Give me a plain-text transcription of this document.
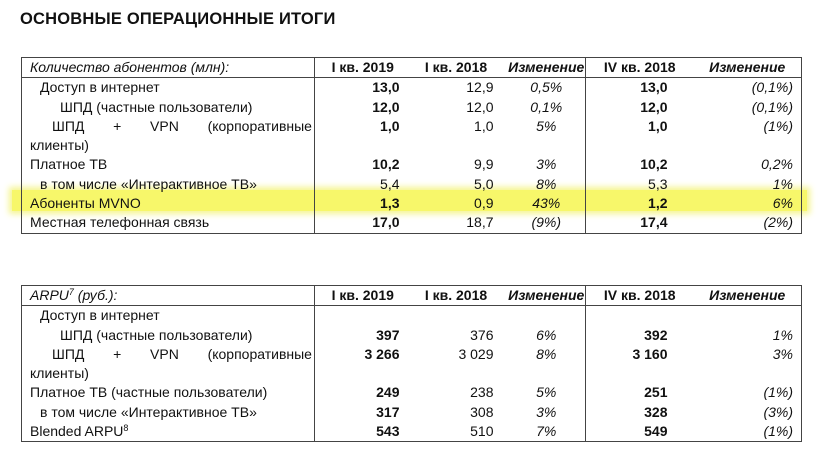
ОСНОВНЫЕ ОПЕРАЦИОННЫЕ ИТОГИ
Количество абонентов (млн):	I кв. 2019	I кв. 2018	Изменение	IV кв. 2018	Изменение
Доступ в интернет	13,0	12,9	0,5%	13,0	(0,1%)
ШПД (частные пользователи)	12,0	12,0	0,1%	12,0	(0,1%)

ШПД + VPN (корпоративные	1,0	1,0	5%	1,0	(1%)
клиенты)					
Платное ТВ	10,2	9,9	3%	10,2	0,2%
в том числе «Интерактивное ТВ»	5,4	5,0	8%	5,3	1%
Абоненты MVNO	1,3	0,9	43%	1,2	6%
Местная телефонная связь	17,0	18,7	(9%)	17,4	(2%)
ARPU$^7$ (руб.):	I кв. 2019	I кв. 2018	Изменение	IV кв. 2018	Изменение
Доступ в интернет					
ШПД (частные пользователи)	397	376	6%	392	1%

ШПД + VPN (корпоративные	3 266	3 029	8%	3 160	3%
клиенты)					
Платное ТВ (частные пользователи)	249	238	5%	251	(1%)
в том числе «Интерактивное ТВ»	317	308	3%	328	(3%)
Blended ARPU$^8$	543	510	7%	549	(1%)
